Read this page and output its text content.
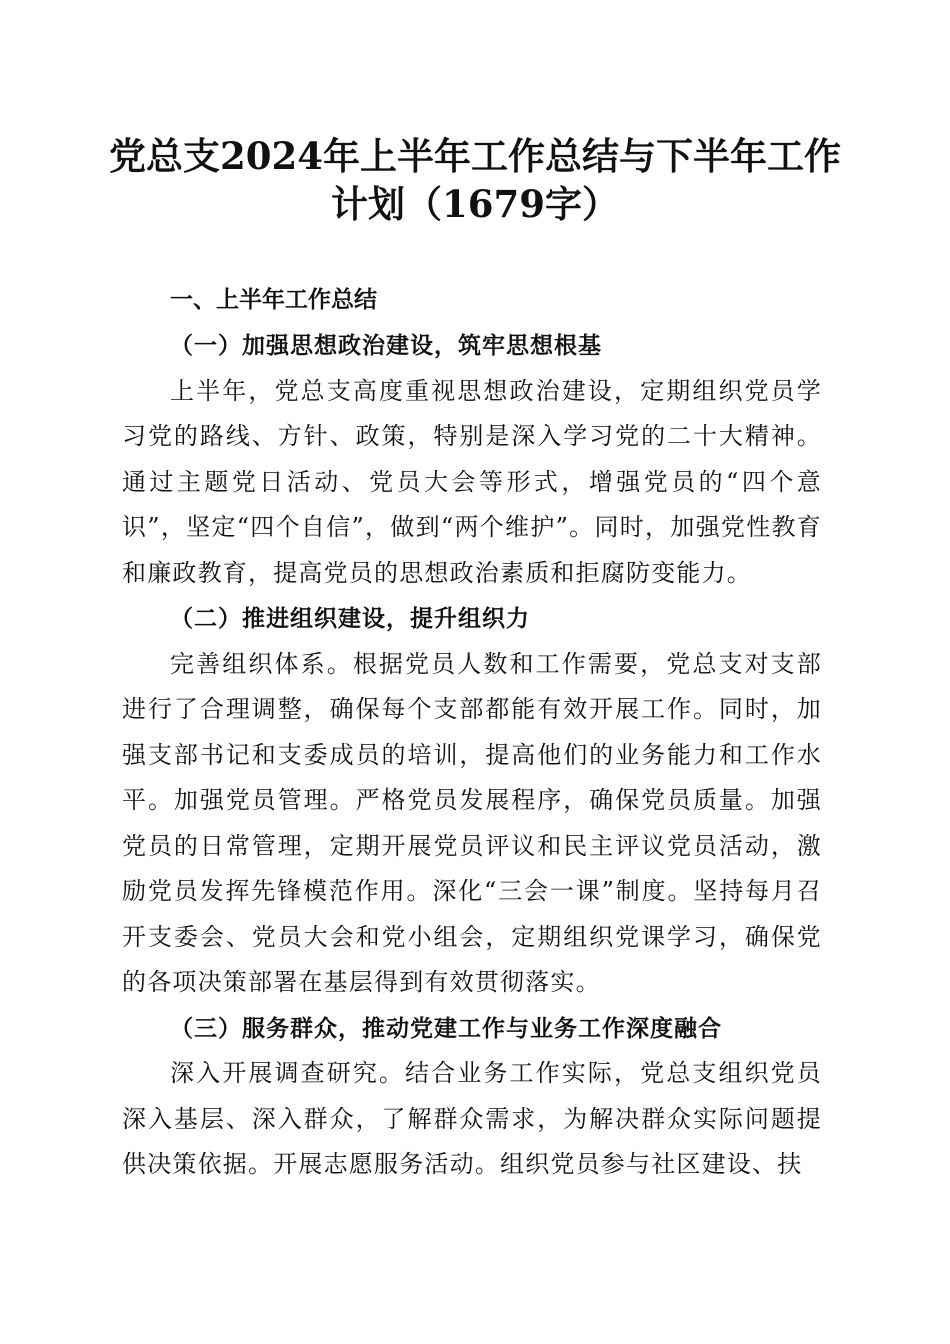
党总支2024年上半年工作总结与下半年工作
计划（1679字）
一、上半年工作总结
（一）加强思想政治建设，筑牢思想根基

上半年，党总支高度重视思想政治建设，定期组织党员学习党的路线、方针、政策，特别是深入学习党的二十大精神。通过主题党日活动、党员大会等形式，增强党员的“四个意识”，坚定“四个自信”，做到“两个维护”。同时，加强党性教育和廉政教育，提高党员的思想政治素质和拒腐防变能力。

（二）推进组织建设，提升组织力

完善组织体系。根据党员人数和工作需要，党总支对支部进行了合理调整，确保每个支部都能有效开展工作。同时，加强支部书记和支委成员的培训，提高他们的业务能力和工作水平。加强党员管理。严格党员发展程序，确保党员质量。加强党员的日常管理，定期开展党员评议和民主评议党员活动，激励党员发挥先锋模范作用。深化“三会一课”制度。坚持每月召开支委会、党员大会和党小组会，定期组织党课学习，确保党的各项决策部署在基层得到有效贯彻落实。

（三）服务群众，推动党建工作与业务工作深度融合

深入开展调查研究。结合业务工作实际，党总支组织党员深入基层、深入群众，了解群众需求，为解决群众实际问题提供决策依据。开展志愿服务活动。组织党员参与社区建设、扶
